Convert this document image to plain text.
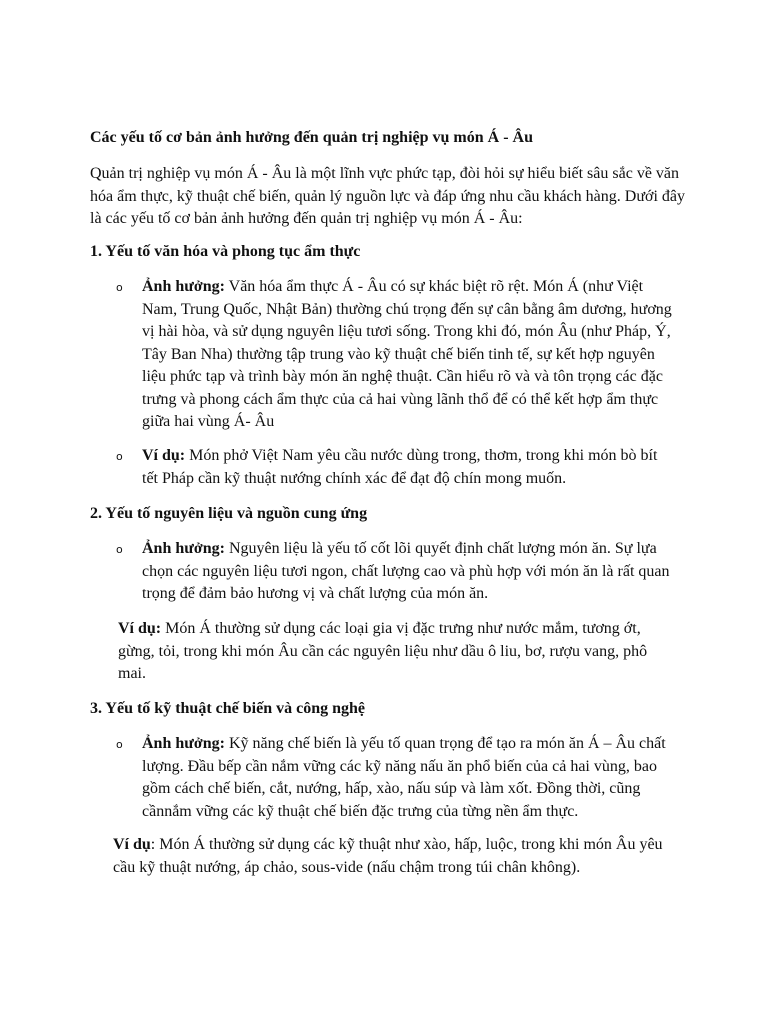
Các yếu tố cơ bản ảnh hưởng đến quản trị nghiệp vụ món Á - Âu

Quản trị nghiệp vụ món Á - Âu là một lĩnh vực phức tạp, đòi hỏi sự hiểu biết sâu sắc về văn hóa ẩm thực, kỹ thuật chế biến, quản lý nguồn lực và đáp ứng nhu cầu khách hàng. Dưới đây là các yếu tố cơ bản ảnh hưởng đến quản trị nghiệp vụ món Á - Âu:

1. Yếu tố văn hóa và phong tục ẩm thực

o Ảnh hưởng: Văn hóa ẩm thực Á - Âu có sự khác biệt rõ rệt. Món Á (như Việt Nam, Trung Quốc, Nhật Bản) thường chú trọng đến sự cân bằng âm dương, hương vị hài hòa, và sử dụng nguyên liệu tươi sống. Trong khi đó, món Âu (như Pháp, Ý, Tây Ban Nha) thường tập trung vào kỹ thuật chế biến tinh tế, sự kết hợp nguyên liệu phức tạp và trình bày món ăn nghệ thuật. Cần hiểu rõ và và tôn trọng các đặc trưng và phong cách ẩm thực của cả hai vùng lãnh thổ để có thể kết hợp ẩm thực giữa hai vùng Á- Âu
o Ví dụ: Món phở Việt Nam yêu cầu nước dùng trong, thơm, trong khi món bò bít tết Pháp cần kỹ thuật nướng chính xác để đạt độ chín mong muốn.

2. Yếu tố nguyên liệu và nguồn cung ứng

o Ảnh hưởng: Nguyên liệu là yếu tố cốt lõi quyết định chất lượng món ăn. Sự lựa chọn các nguyên liệu tươi ngon, chất lượng cao và phù hợp với món ăn là rất quan trọng để đảm bảo hương vị và chất lượng của món ăn.
Ví dụ: Món Á thường sử dụng các loại gia vị đặc trưng như nước mắm, tương ớt, gừng, tỏi, trong khi món Âu cần các nguyên liệu như dầu ô liu, bơ, rượu vang, phô mai.

3. Yếu tố kỹ thuật chế biến và công nghệ

o Ảnh hưởng: Kỹ năng chế biến là yếu tố quan trọng để tạo ra món ăn Á – Âu chất lượng. Đầu bếp cần nắm vững các kỹ năng nấu ăn phổ biến của cả hai vùng, bao gồm cách chế biến, cắt, nướng, hấp, xào, nấu súp và làm xốt. Đồng thời, cũng cầnnắm vững các kỹ thuật chế biến đặc trưng của từng nền ẩm thực.
Ví dụ: Món Á thường sử dụng các kỹ thuật như xào, hấp, luộc, trong khi món Âu yêu cầu kỹ thuật nướng, áp chảo, sous-vide (nấu chậm trong túi chân không).
